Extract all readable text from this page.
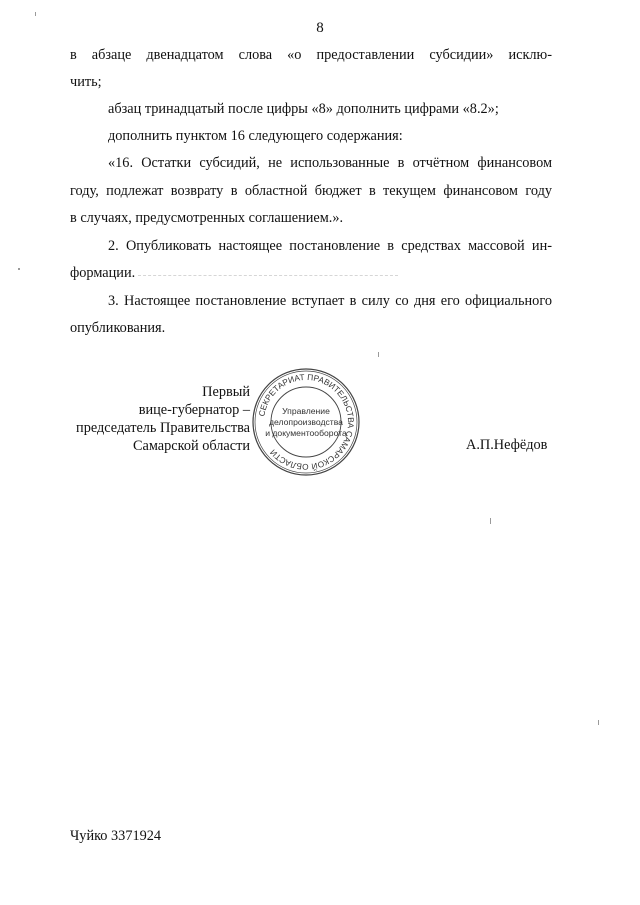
8
в абзаце двенадцатом слова «о предоставлении субсидии» исклю-
чить;
абзац тринадцатый после цифры «8» дополнить цифрами «8.2»;
дополнить пунктом 16 следующего содержания:
«16. Остатки субсидий, не использованные в отчётном финансовом
году, подлежат возврату в областной бюджет в текущем финансовом году
в случаях, предусмотренных соглашением.».
2. Опубликовать настоящее постановление в средствах массовой ин-
формации.
3. Настоящее постановление вступает в силу со дня его официального
опубликования.
Первый
вице-губернатор –
председатель Правительства
Самарской области
СЕКРЕТАРИАТ ПРАВИТЕЛЬСТВА САМАРСКОЙ ОБЛАСТИ
Управление
делопроизводства
и документооборота
А.П.Нефёдов
Чуйко 3371924
